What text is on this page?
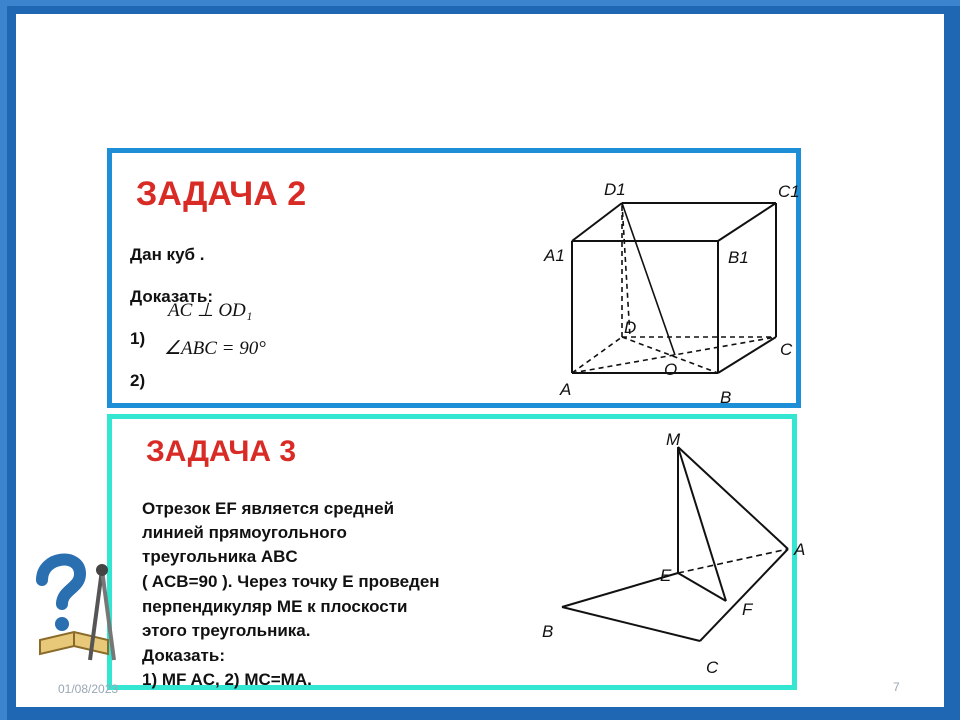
ЗАДАЧА 2
Дан куб .
Доказать:
AC ⊥ OD₁
1) ∠ABC = 90°
2)
D1	C1
A1	B1
D
C
O
A	B
ЗАДАЧА 3
Отрезок EF является средней
линией прямоугольного
треугольника ABC
( ACB=90 ). Через точку E проведен
перпендикуляр ME к плоскости
этого треугольника.
Доказать:
1) MF AC, 2) MC=MA.
M
A
E
F
B
C
01/08/2023	7
